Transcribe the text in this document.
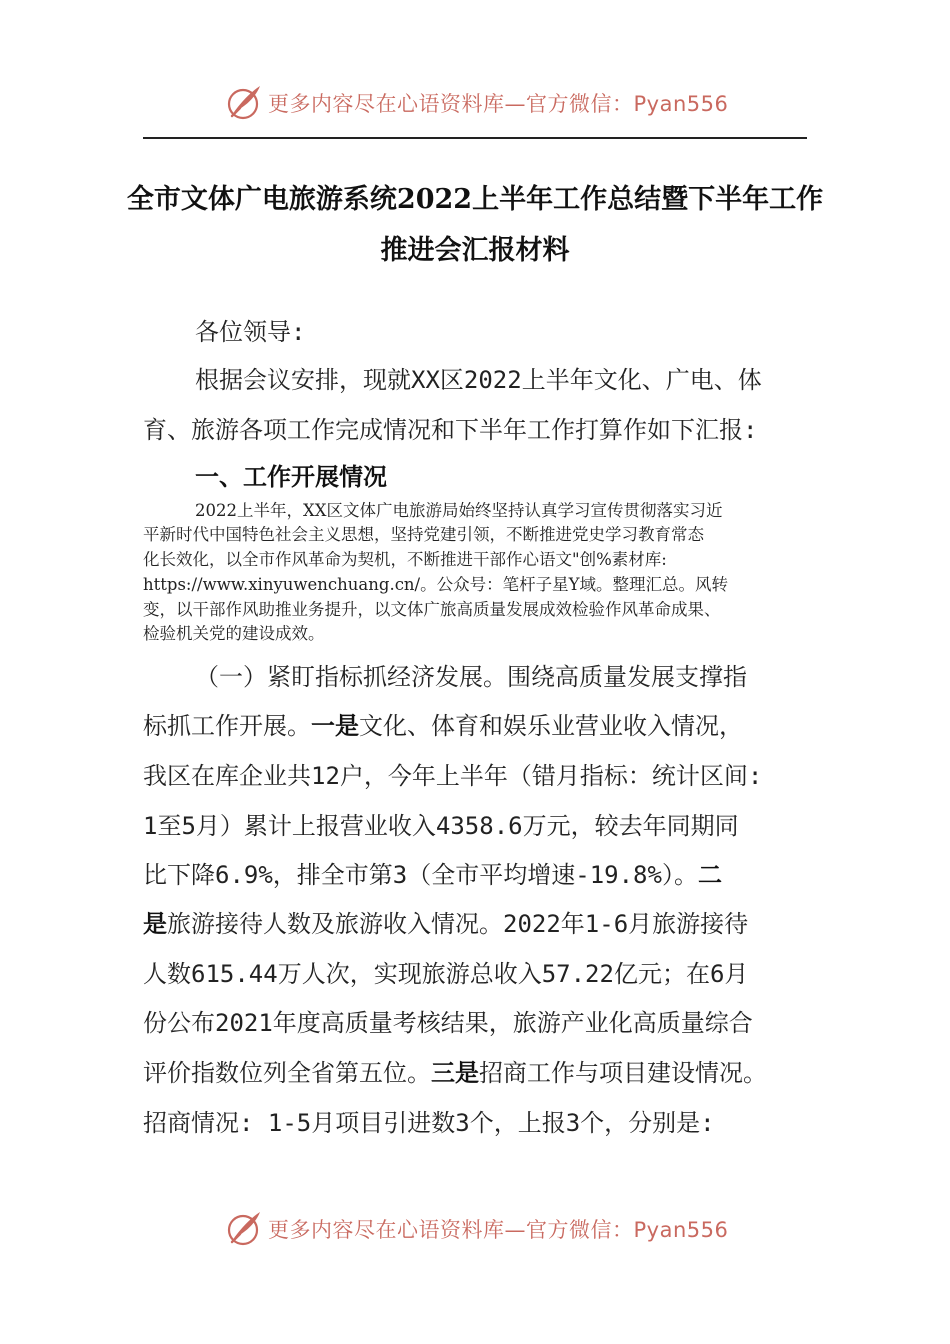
更多内容尽在心语资料库—官方微信：Pyan556
全市文体广电旅游系统2022上半年工作总结暨下半年工作
推进会汇报材料
各位领导:
根据会议安排，现就XX区2022上半年文化、广电、体
育、旅游各项工作完成情况和下半年工作打算作如下汇报:
一、工作开展情况
2022上半年，XX区文体广电旅游局始终坚持认真学习宣传贯彻落实习近
平新时代中国特色社会主义思想，坚持党建引领，不断推进党史学习教育常态
化长效化，以全市作风革命为契机，不断推进干部作心语文"创%素材库:
https://www.xinyuwenchuang.cn/。公众号：笔杆子星Y域。整理汇总。风转
变，以干部作风助推业务提升，以文体广旅高质量发展成效检验作风革命成果、
检验机关党的建设成效。
（一）紧盯指标抓经济发展。围绕高质量发展支撑指
标抓工作开展。一是文化、体育和娱乐业营业收入情况，
我区在库企业共12户，今年上半年（错月指标：统计区间:
1至5月）累计上报营业收入4358.6万元，较去年同期同
比下降6.9%，排全市第3（全市平均增速-19.8%）。二
是旅游接待人数及旅游收入情况。2022年1-6月旅游接待
人数615.44万人次，实现旅游总收入57.22亿元；在6月
份公布2021年度高质量考核结果，旅游产业化高质量综合
评价指数位列全省第五位。三是招商工作与项目建设情况。
招商情况: 1-5月项目引进数3个，上报3个，分别是:
更多内容尽在心语资料库—官方微信：Pyan556
